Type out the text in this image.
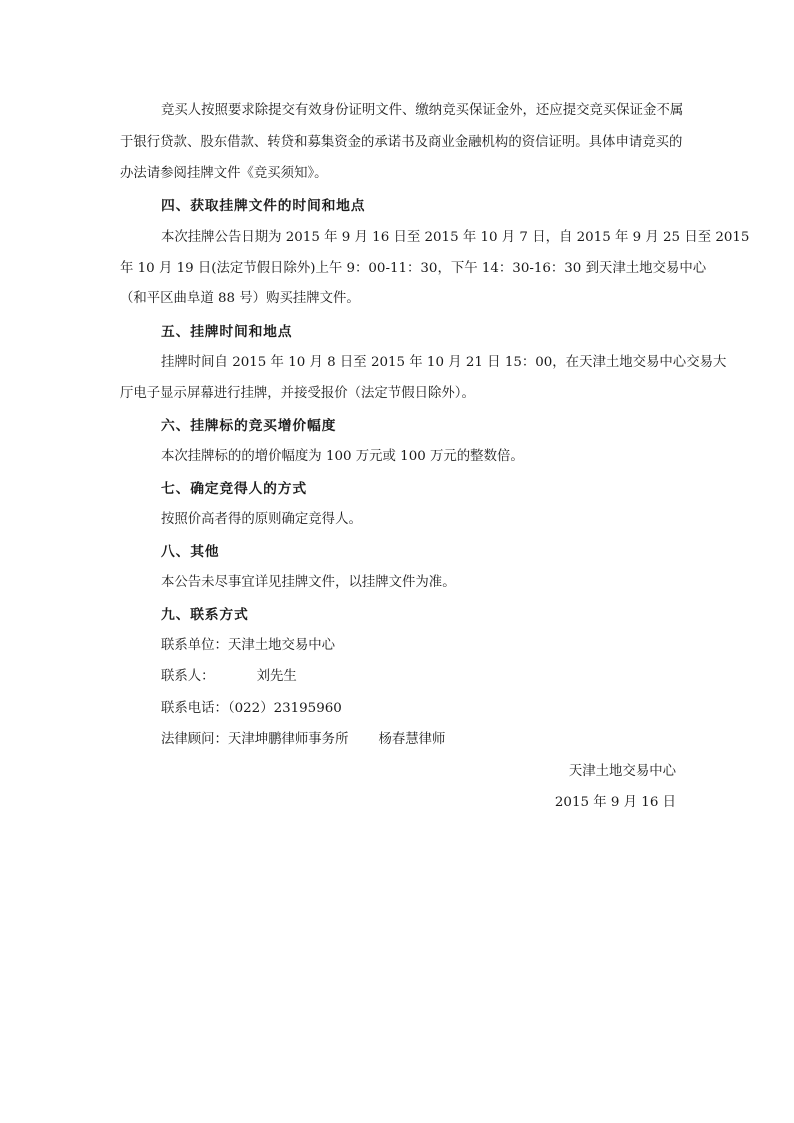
竞买人按照要求除提交有效身份证明文件、缴纳竞买保证金外，还应提交竞买保证金不属
于银行贷款、股东借款、转贷和募集资金的承诺书及商业金融机构的资信证明。具体申请竞买的
办法请参阅挂牌文件《竞买须知》。
四、获取挂牌文件的时间和地点
本次挂牌公告日期为 2015 年 9 月 16 日至 2015 年 10 月 7 日，自 2015 年 9 月 25 日至 2015
年 10 月 19 日(法定节假日除外)上午 9：00-11：30，下午 14：30-16：30 到天津土地交易中心
（和平区曲阜道 88 号）购买挂牌文件。
五、挂牌时间和地点
挂牌时间自 2015 年 10 月 8 日至 2015 年 10 月 21 日 15：00，在天津土地交易中心交易大
厅电子显示屏幕进行挂牌，并接受报价（法定节假日除外）。
六、挂牌标的竞买增价幅度
本次挂牌标的的增价幅度为 100 万元或 100 万元的整数倍。
七、确定竞得人的方式
按照价高者得的原则确定竞得人。
八、其他
本公告未尽事宜详见挂牌文件，以挂牌文件为准。
九、联系方式
联系单位：天津土地交易中心
联系人：	刘先生
联系电话：（022）23195960
法律顾问：天津坤鹏律师事务所 杨春慧律师
天津土地交易中心
2015 年 9 月 16 日
